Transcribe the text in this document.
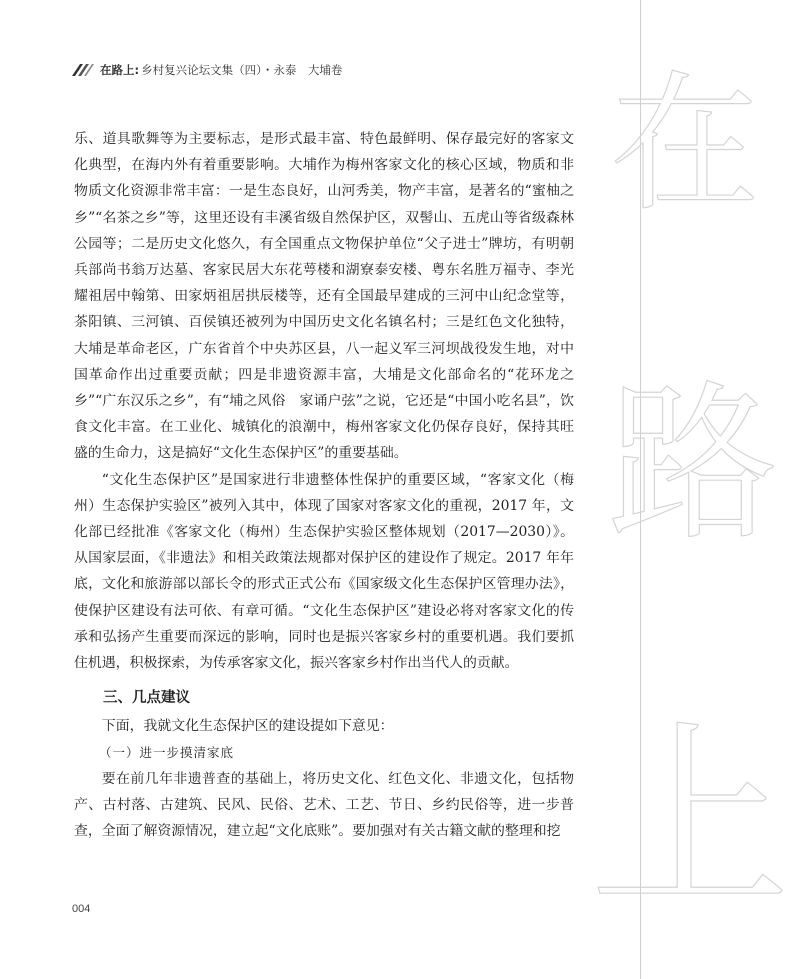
在
路
上
在路上: 乡村复兴论坛文集（四）・永泰　大埔卷

乐、道具歌舞等为主要标志，是形式最丰富、特色最鲜明、保存最完好的客家文化典型，在海内外有着重要影响。大埔作为梅州客家文化的核心区域，物质和非物质文化资源非常丰富：一是生态良好，山河秀美，物产丰富，是著名的“蜜柚之乡”“名茶之乡”等，这里还设有丰溪省级自然保护区，双髻山、五虎山等省级森林公园等；二是历史文化悠久，有全国重点文物保护单位“父子进士”牌坊，有明朝兵部尚书翁万达墓、客家民居大东花萼楼和湖寮泰安楼、粤东名胜万福寺、李光耀祖居中翰第、田家炳祖居拱辰楼等，还有全国最早建成的三河中山纪念堂等，茶阳镇、三河镇、百侯镇还被列为中国历史文化名镇名村；三是红色文化独特，大埔是革命老区，广东省首个中央苏区县，八一起义军三河坝战役发生地，对中国革命作出过重要贡献；四是非遗资源丰富，大埔是文化部命名的“花环龙之乡”“广东汉乐之乡”，有“埔之风俗　家诵户弦”之说，它还是“中国小吃名县”，饮食文化丰富。在工业化、城镇化的浪潮中，梅州客家文化仍保存良好，保持其旺盛的生命力，这是搞好“文化生态保护区”的重要基础。

“文化生态保护区”是国家进行非遗整体性保护的重要区域，“客家文化（梅州）生态保护实验区”被列入其中，体现了国家对客家文化的重视，2017 年，文化部已经批准《客家文化（梅州）生态保护实验区整体规划（2017—2030）》。从国家层面，《非遗法》和相关政策法规都对保护区的建设作了规定。2017 年年底，文化和旅游部以部长令的形式正式公布《国家级文化生态保护区管理办法》，使保护区建设有法可依、有章可循。“文化生态保护区”建设必将对客家文化的传承和弘扬产生重要而深远的影响，同时也是振兴客家乡村的重要机遇。我们要抓住机遇，积极探索，为传承客家文化，振兴客家乡村作出当代人的贡献。

三、几点建议

下面，我就文化生态保护区的建设提如下意见：

（一）进一步摸清家底

要在前几年非遗普查的基础上，将历史文化、红色文化、非遗文化，包括物产、古村落、古建筑、民风、民俗、艺术、工艺、节日、乡约民俗等，进一步普查，全面了解资源情况，建立起“文化底账”。要加强对有关古籍文献的整理和挖

004
